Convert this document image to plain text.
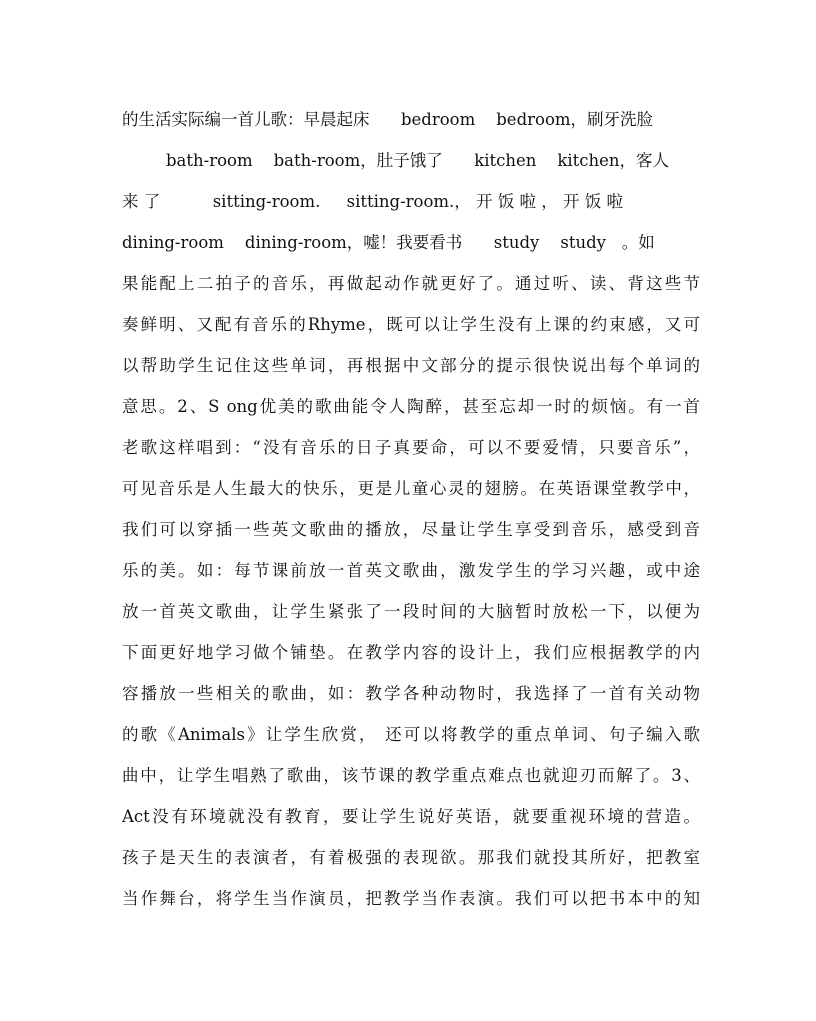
的生活实际编一首儿歌：早晨起床      bedroom    bedroom，刷牙洗脸
bath-room    bath-room，肚子饿了      kitchen    kitchen，客人
来 了          sitting-room.     sitting-room.， 开 饭 啦 ， 开 饭 啦
dining-room    dining-room，嘘！我要看书      study    study   。如
果能配上二拍子的音乐，再做起动作就更好了。通过听、读、背这些节
奏鲜明、又配有音乐的Rhyme，既可以让学生没有上课的约束感，又可
以帮助学生记住这些单词，再根据中文部分的提示很快说出每个单词的
意思。2、S ong优美的歌曲能令人陶醉，甚至忘却一时的烦恼。有一首
老歌这样唱到：“没有音乐的日子真要命，可以不要爱情，只要音乐”，
可见音乐是人生最大的快乐，更是儿童心灵的翅膀。在英语课堂教学中，
我们可以穿插一些英文歌曲的播放，尽量让学生享受到音乐，感受到音
乐的美。如：每节课前放一首英文歌曲，激发学生的学习兴趣，或中途
放一首英文歌曲，让学生紧张了一段时间的大脑暂时放松一下，以便为
下面更好地学习做个铺垫。在教学内容的设计上，我们应根据教学的内
容播放一些相关的歌曲，如：教学各种动物时，我选择了一首有关动物
的歌《Animals》让学生欣赏， 还可以将教学的重点单词、句子编入歌
曲中，让学生唱熟了歌曲，该节课的教学重点难点也就迎刃而解了。3、
Act没有环境就没有教育，要让学生说好英语，就要重视环境的营造。
孩子是天生的表演者，有着极强的表现欲。那我们就投其所好，把教室
当作舞台，将学生当作演员，把教学当作表演。我们可以把书本中的知
